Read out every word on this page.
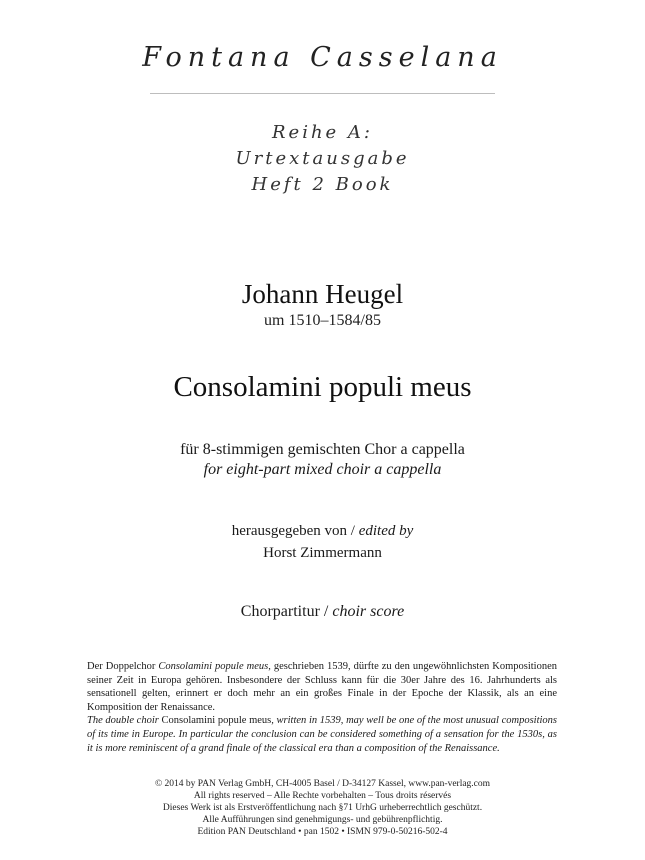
Fontana Casselana
Reihe A:
Urtextausgabe
Heft 2 Book
Johann Heugel
um 1510–1584/85
Consolamini populi meus
für 8-stimmigen gemischten Chor a cappella
for eight-part mixed choir a cappella
herausgegeben von / edited by
Horst Zimmermann
Chorpartitur / choir score

Der Doppelchor Consolamini popule meus, geschrieben 1539, dürfte zu den ungewöhnlichsten Kompositionen seiner Zeit in Europa gehören. Insbesondere der Schluss kann für die 30er Jahre des 16. Jahrhunderts als sensationell gelten, erinnert er doch mehr an ein großes Finale in der Epoche der Klassik, als an eine Komposition der Renaissance.

The double choir Consolamini popule meus, written in 1539, may well be one of the most unusual compositions of its time in Europe. In particular the conclusion can be considered something of a sensation for the 1530s, as it is more reminiscent of a grand finale of the classical era than a composition of the Renaissance.

© 2014 by PAN Verlag GmbH, CH-4005 Basel / D-34127 Kassel, www.pan-verlag.com
All rights reserved – Alle Rechte vorbehalten – Tous droits réservés
Dieses Werk ist als Erstveröffentlichung nach §71 UrhG urheberrechtlich geschützt.
Alle Aufführungen sind genehmigungs- und gebührenpflichtig.
Edition PAN Deutschland • pan 1502 • ISMN 979-0-50216-502-4
